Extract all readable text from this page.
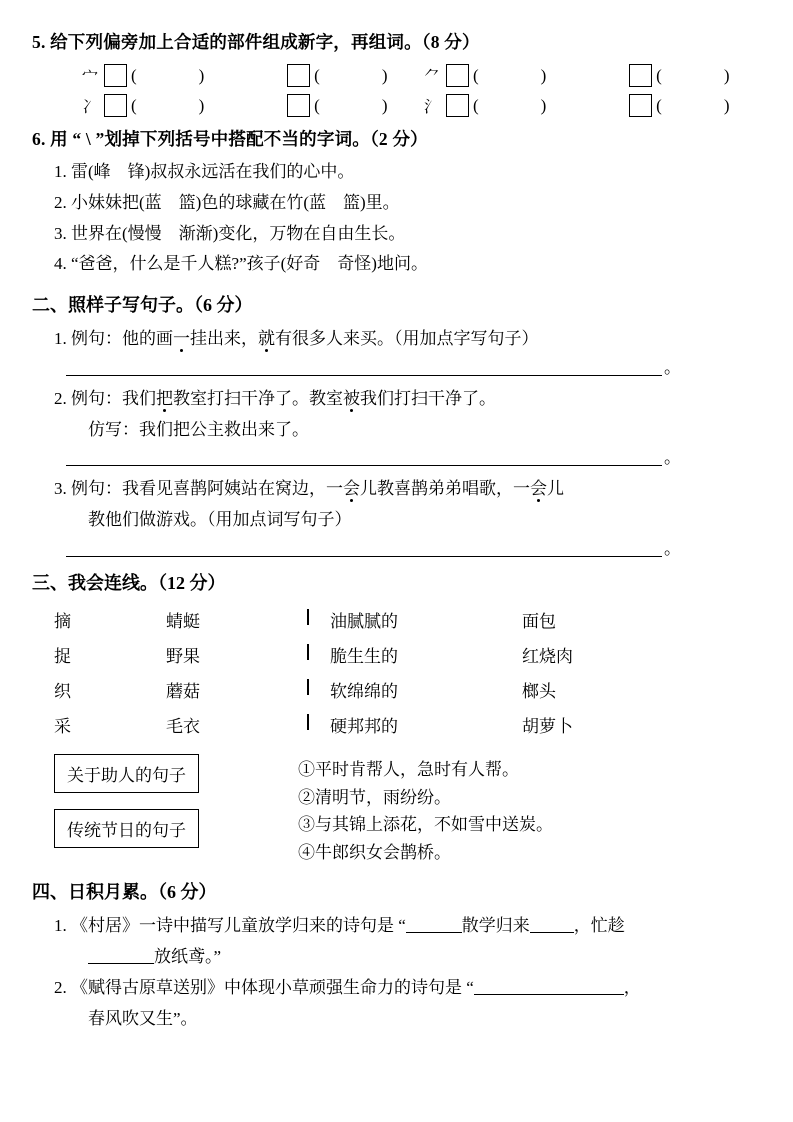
5. 给下列偏旁加上合适的部件组成新字，再组词。（8 分）
宀 (	)	(	) ⺈ (	)	(	)
冫 (	)	(	) 氵 (	)	(	)
6. 用 “ \ ”划掉下列括号中搭配不当的字词。（2 分）
1. 雷(峰　锋)叔叔永远活在我们的心中。
2. 小妹妹把(蓝　篮)色的球藏在竹(蓝　篮)里。
3. 世界在(慢慢　渐渐)变化，万物在自由生长。
4. “爸爸，什么是千人糕?”孩子(好奇　奇怪)地问。
二、照样子写句子。（6 分）
1. 例句：他的画一挂出来，就有很多人来买。（用加点字写句子）
。
2. 例句：我们把教室打扫干净了。教室被我们打扫干净了。
仿写：我们把公主救出来了。
。
3. 例句：我看见喜鹊阿姨站在窝边，一会儿教喜鹊弟弟唱歌，一会儿
教他们做游戏。（用加点词写句子）
。
三、我会连线。（12 分）
摘	蜻蜓	油腻腻的	面包
捉	野果	脆生生的	红烧肉
织	蘑菇	软绵绵的	榔头
采	毛衣	硬邦邦的	胡萝卜
关于助人的句子 传统节日的句子
①平时肯帮人，急时有人帮。
②清明节，雨纷纷。
③与其锦上添花，不如雪中送炭。
④牛郎织女会鹊桥。
四、日积月累。（6 分）
1. 《村居》一诗中描写儿童放学归来的诗句是 “	散学归来	，忙趁
放纸鸢。”
2. 《赋得古原草送别》中体现小草顽强生命力的诗句是 “	，
春风吹又生”。
